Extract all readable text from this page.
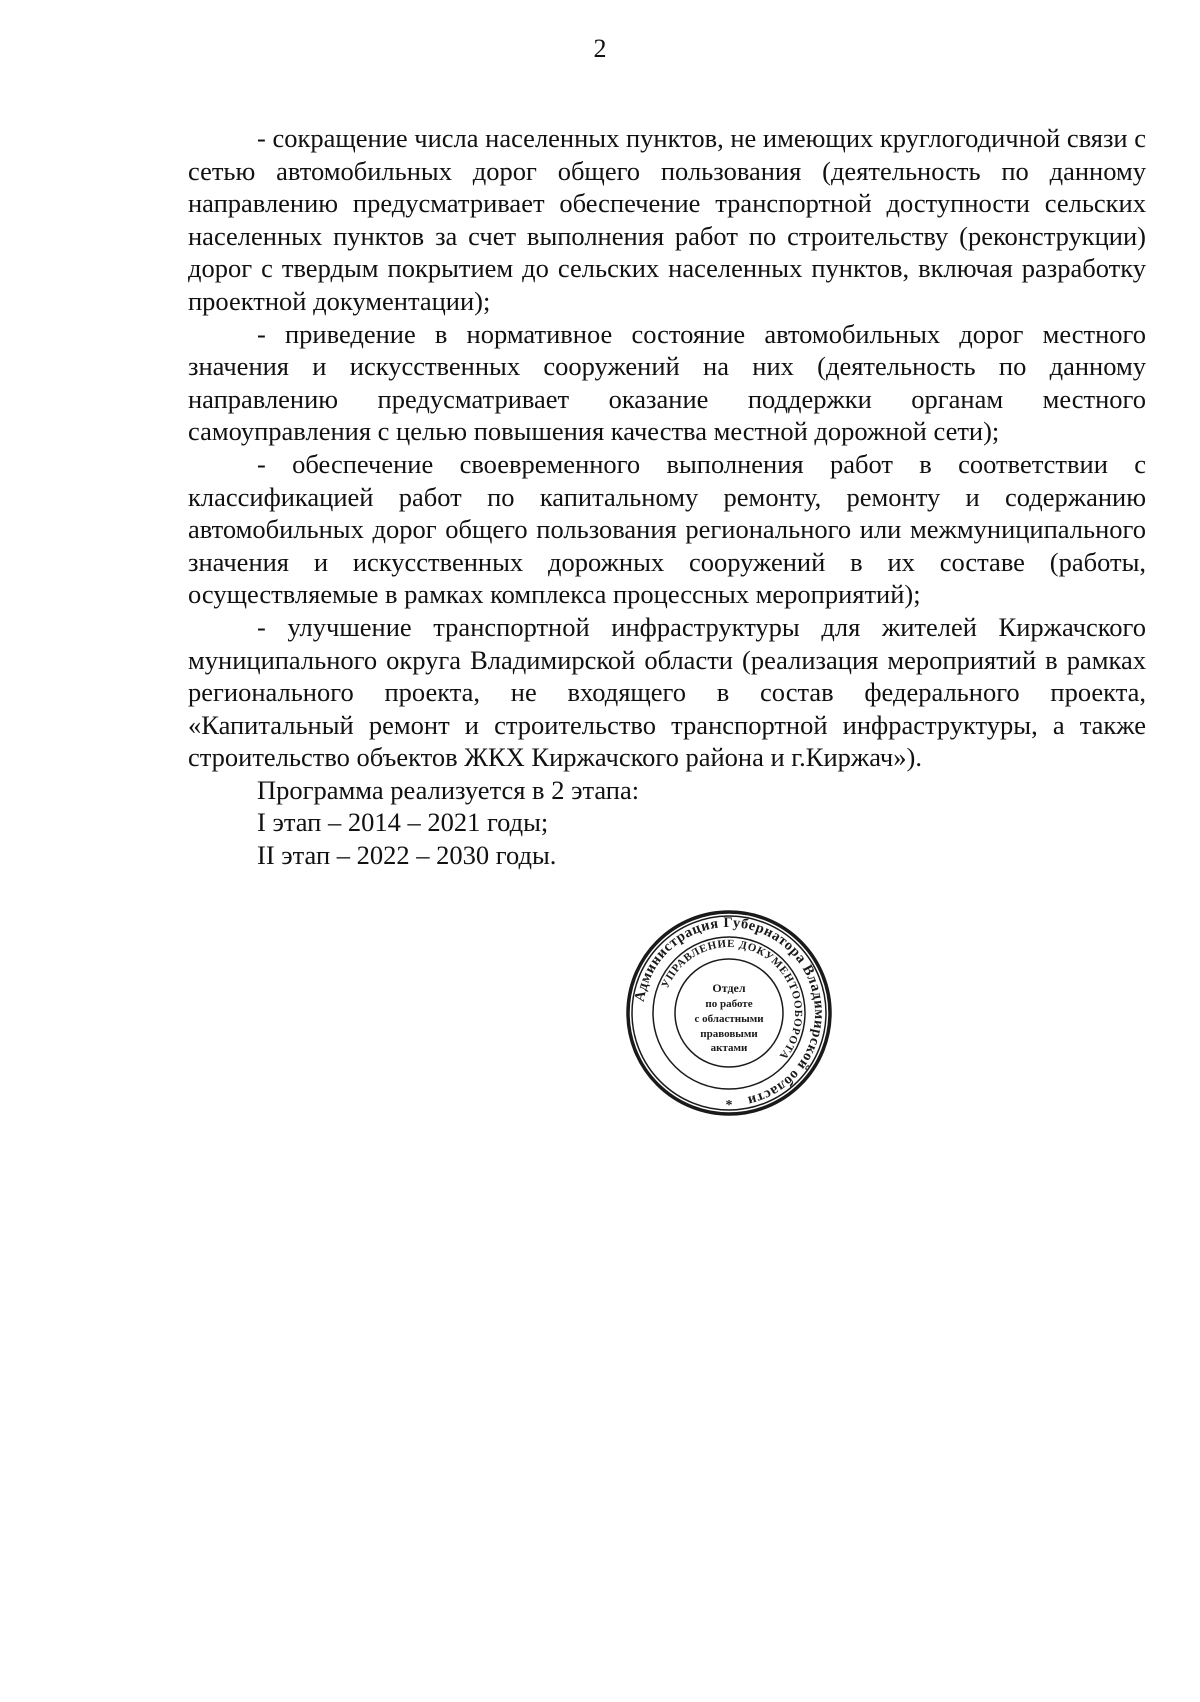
2

- сокращение числа населенных пунктов, не имеющих круглогодичной связи с сетью автомобильных дорог общего пользования (деятельность по данному направлению предусматривает обеспечение транспортной доступности сельских населенных пунктов за счет выполнения работ по строительству (реконструкции) дорог с твердым покрытием до сельских населенных пунктов, включая разработку проектной документации);

- приведение в нормативное состояние автомобильных дорог местного значения и искусственных сооружений на них (деятельность по данному направлению предусматривает оказание поддержки органам местного самоуправления с целью повышения качества местной дорожной сети);

- обеспечение своевременного выполнения работ в соответствии с классификацией работ по капитальному ремонту, ремонту и содержанию автомобильных дорог общего пользования регионального или межмуниципального значения и искусственных дорожных сооружений в их составе (работы, осуществляемые в рамках комплекса процессных мероприятий);

- улучшение транспортной инфраструктуры для жителей Киржачского муниципального округа Владимирской области (реализация мероприятий в рамках регионального проекта, не входящего в состав федерального проекта, «Капитальный ремонт и строительство транспортной инфраструктуры, а также строительство объектов ЖКХ Киржачского района и г.Киржач»).

Программа реализуется в 2 этапа:

I этап – 2014 – 2021 годы;

II этап – 2022 – 2030 годы.

Администрация Губернатора Владимирской области
УПРАВЛЕНИЕ ДОКУМЕНТООБОРОТА
Отдел
по работе
с областными
правовыми
актами
*
